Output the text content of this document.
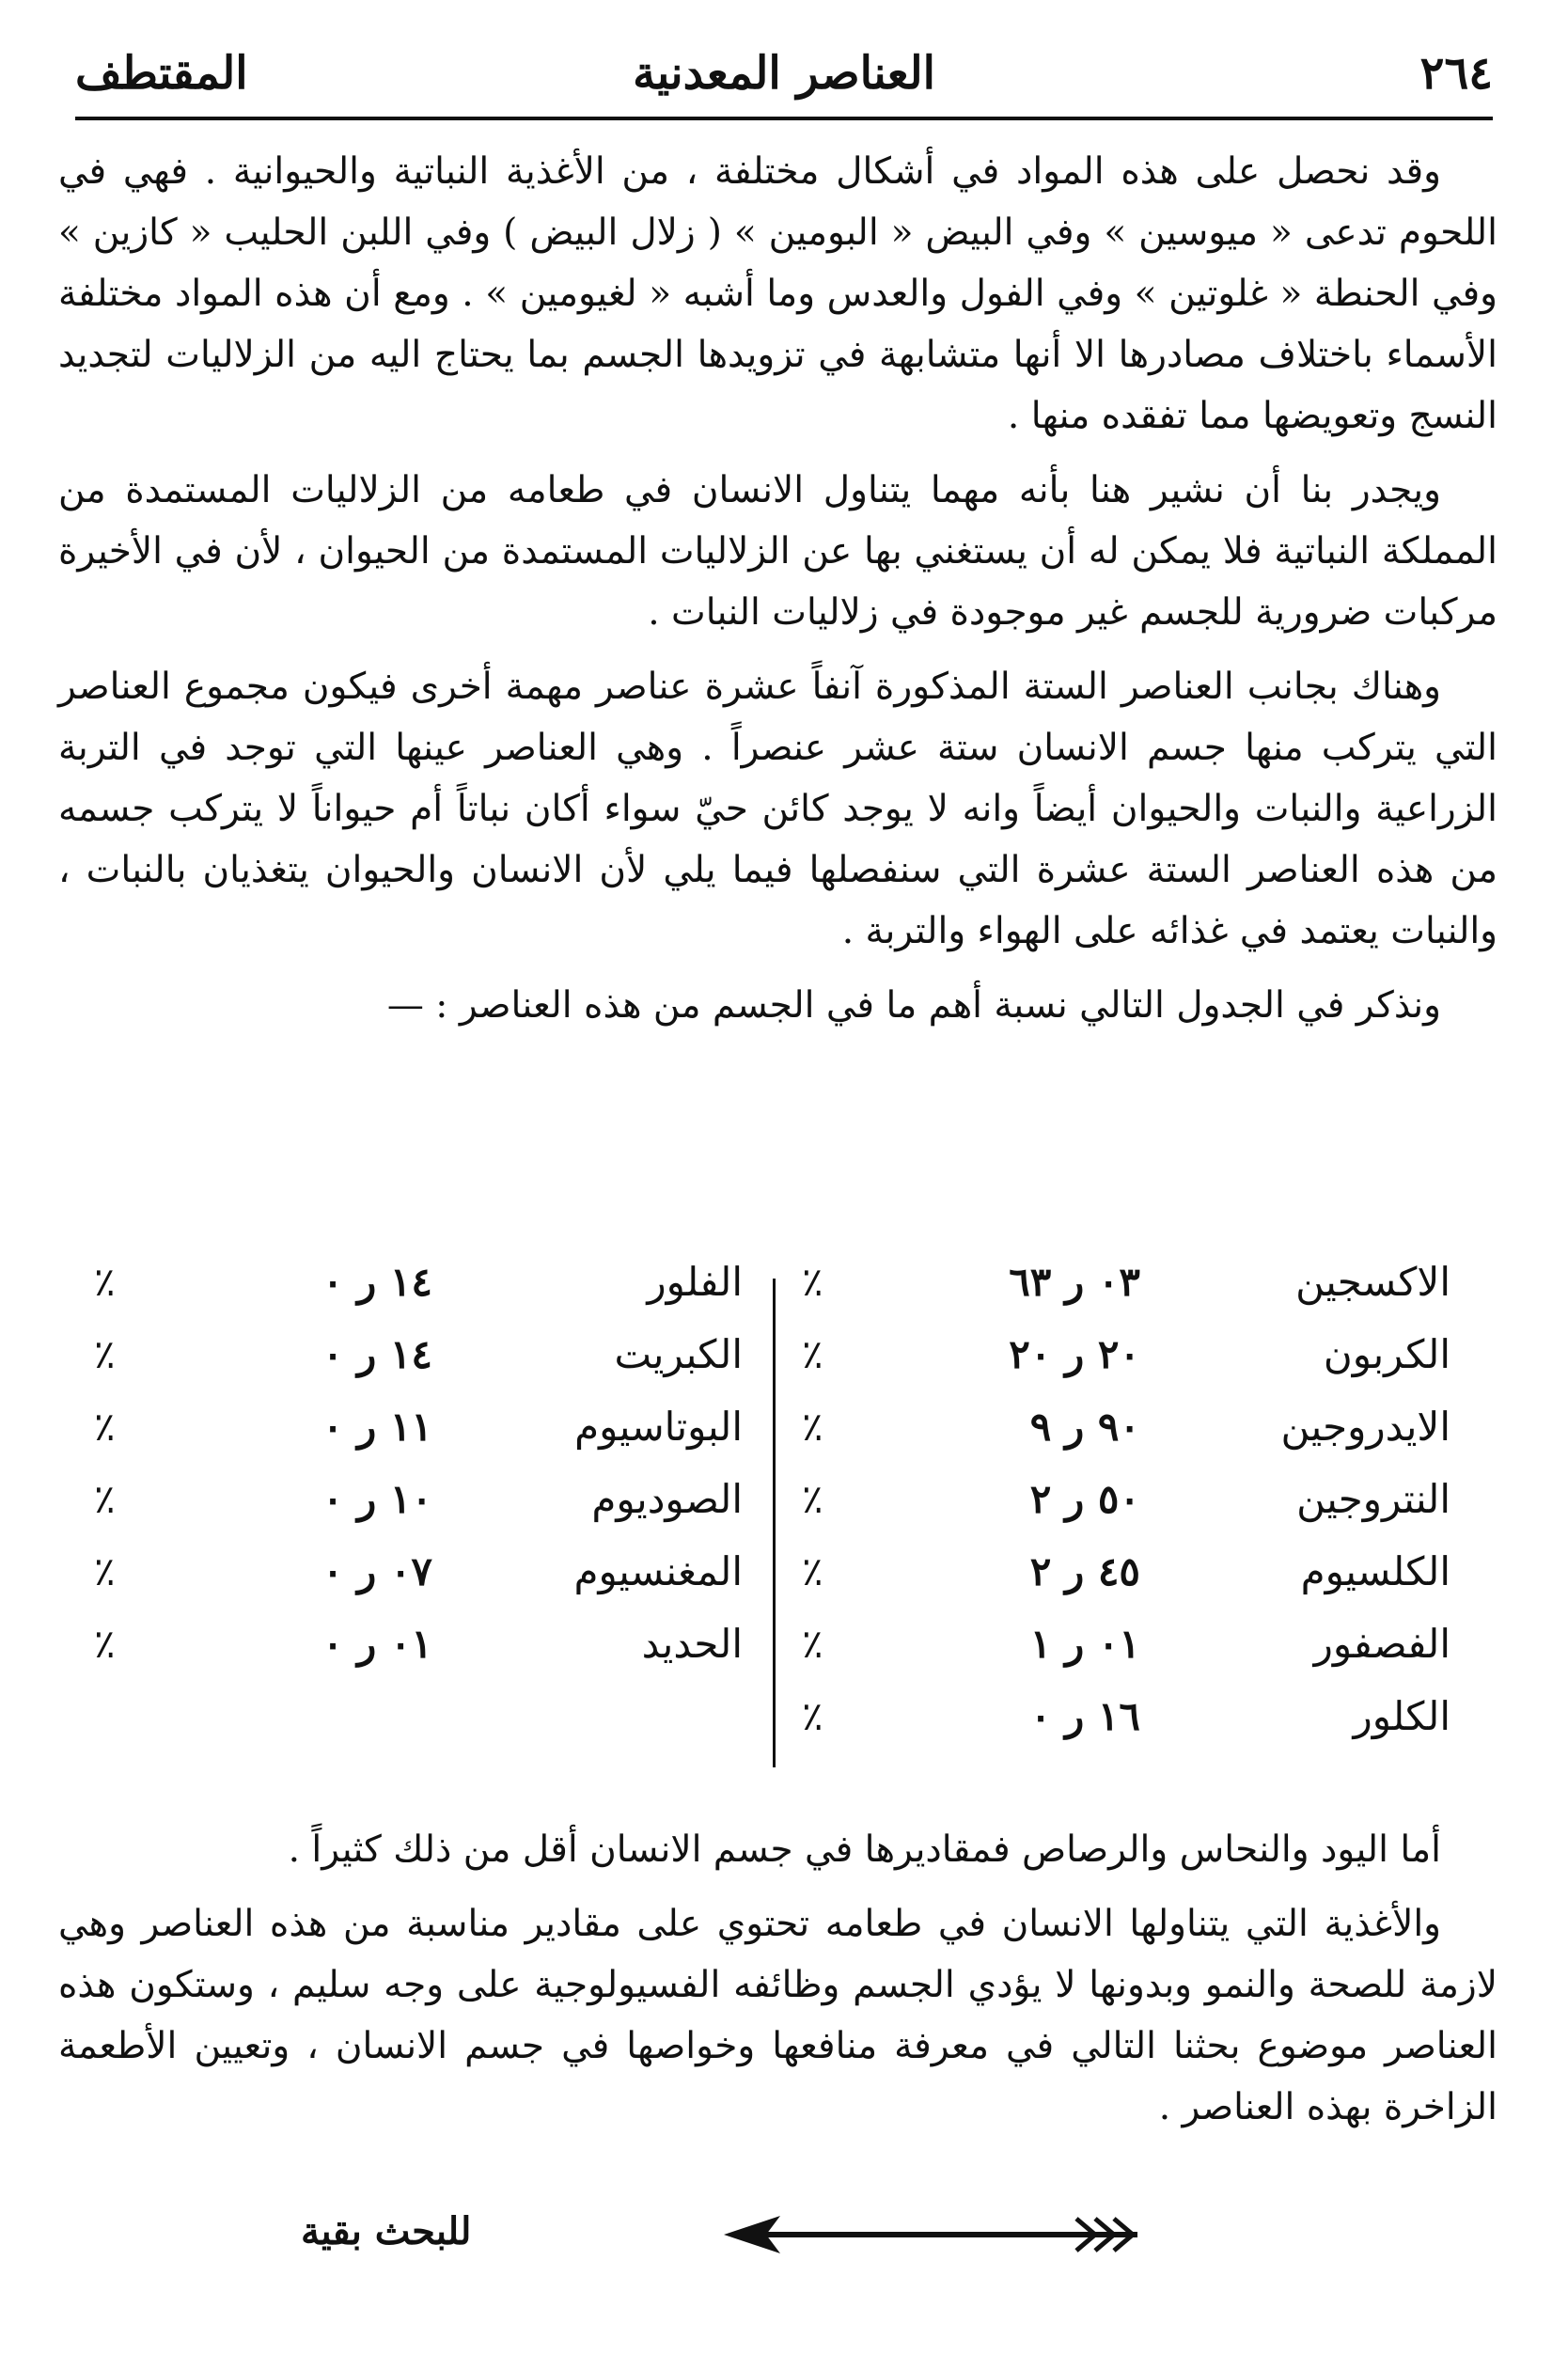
٢٦٤
العناصر المعدنية
المقتطف

وقد نحصل على هذه المواد في أشكال مختلفة ، من الأغذية النباتية والحيوانية . فهي في اللحوم تدعى « ميوسين » وفي البيض « البومين » ( زلال البيض ) وفي اللبن الحليب « كازين » وفي الحنطة « غلوتين » وفي الفول والعدس وما أشبه « لغيومين » . ومع أن هذه المواد مختلفة الأسماء باختلاف مصادرها الا أنها متشابهة في تزويدها الجسم بما يحتاج اليه من الزلاليات لتجديد النسج وتعويضها مما تفقده منها .

ويجدر بنا أن نشير هنا بأنه مهما يتناول الانسان في طعامه من الزلاليات المستمدة من المملكة النباتية فلا يمكن له أن يستغني بها عن الزلاليات المستمدة من الحيوان ، لأن في الأخيرة مركبات ضرورية للجسم غير موجودة في زلاليات النبات .

وهناك بجانب العناصر الستة المذكورة آنفاً عشرة عناصر مهمة أخرى فيكون مجموع العناصر التي يتركب منها جسم الانسان ستة عشر عنصراً . وهي العناصر عينها التي توجد في التربة الزراعية والنبات والحيوان أيضاً وانه لا يوجد كائن حيّ سواء أكان نباتاً أم حيواناً لا يتركب جسمه من هذه العناصر الستة عشرة التي سنفصلها فيما يلي لأن الانسان والحيوان يتغذيان بالنبات ، والنبات يعتمد في غذائه على الهواء والتربة .

ونذكر في الجدول التالي نسبة أهم ما في الجسم من هذه العناصر : —

الاكسجين
٠٣ ر ٦٣
٪
الكربون
٢٠ ر ٢٠
٪
الايدروجين
٩٠ ر ٩
٪
النتروجين
٥٠ ر ٢
٪
الكلسيوم
٤٥ ر ٢
٪
الفصفور
٠١ ر ١
٪
الكلور
١٦ ر ٠
٪
الفلور
١٤ ر ٠
٪
الكبريت
١٤ ر ٠
٪
البوتاسيوم
١١ ر ٠
٪
الصوديوم
١٠ ر ٠
٪
المغنسيوم
٠٧ ر ٠
٪
الحديد
٠١ ر ٠
٪

أما اليود والنحاس والرصاص فمقاديرها في جسم الانسان أقل من ذلك كثيراً .

والأغذية التي يتناولها الانسان في طعامه تحتوي على مقادير مناسبة من هذه العناصر وهي لازمة للصحة والنمو وبدونها لا يؤدي الجسم وظائفه الفسيولوجية على وجه سليم ، وستكون هذه العناصر موضوع بحثنا التالي في معرفة منافعها وخواصها في جسم الانسان ، وتعيين الأطعمة الزاخرة بهذه العناصر .

للبحث بقية
